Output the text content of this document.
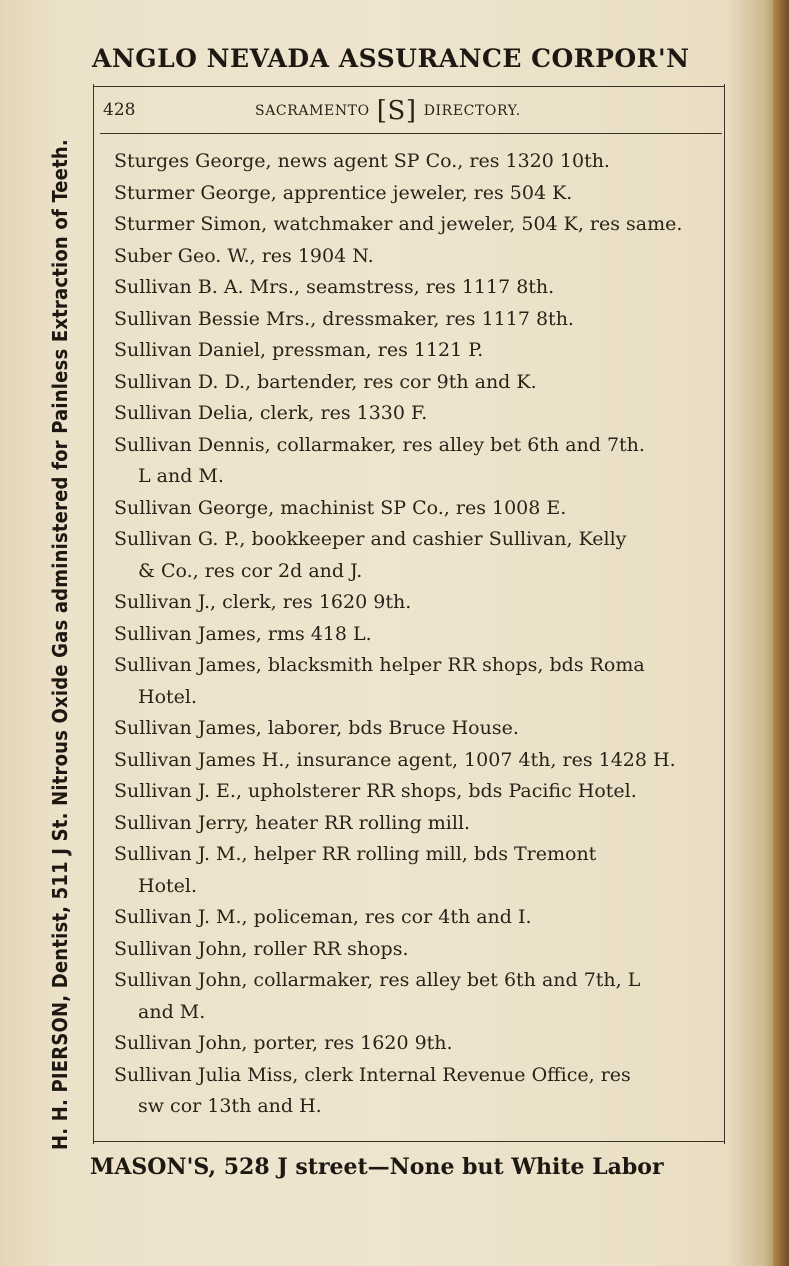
ANGLO NEVADA ASSURANCE CORPOR'N
H. H. PIERSON, Dentist, 511 J St. Nitrous Oxide Gas administered for Painless Extraction of Teeth.
428	SACRAMENTO [S] DIRECTORY.
Sturges George, news agent SP Co., res 1320 10th.
Sturmer George, apprentice jeweler, res 504 K.
Sturmer Simon, watchmaker and jeweler, 504 K, res same.
Suber Geo. W., res 1904 N.
Sullivan B. A. Mrs., seamstress, res 1117 8th.
Sullivan Bessie Mrs., dressmaker, res 1117 8th.
Sullivan Daniel, pressman, res 1121 P.
Sullivan D. D., bartender, res cor 9th and K.
Sullivan Delia, clerk, res 1330 F.
Sullivan Dennis, collarmaker, res alley bet 6th and 7th.
L and M.
Sullivan George, machinist SP Co., res 1008 E.
Sullivan G. P., bookkeeper and cashier Sullivan, Kelly
& Co., res cor 2d and J.
Sullivan J., clerk, res 1620 9th.
Sullivan James, rms 418 L.
Sullivan James, blacksmith helper RR shops, bds Roma
Hotel.
Sullivan James, laborer, bds Bruce House.
Sullivan James H., insurance agent, 1007 4th, res 1428 H.
Sullivan J. E., upholsterer RR shops, bds Pacific Hotel.
Sullivan Jerry, heater RR rolling mill.
Sullivan J. M., helper RR rolling mill, bds Tremont
Hotel.
Sullivan J. M., policeman, res cor 4th and I.
Sullivan John, roller RR shops.
Sullivan John, collarmaker, res alley bet 6th and 7th, L
and M.
Sullivan John, porter, res 1620 9th.
Sullivan Julia Miss, clerk Internal Revenue Office, res
sw cor 13th and H.
MASON'S, 528 J street—None but White Labor
